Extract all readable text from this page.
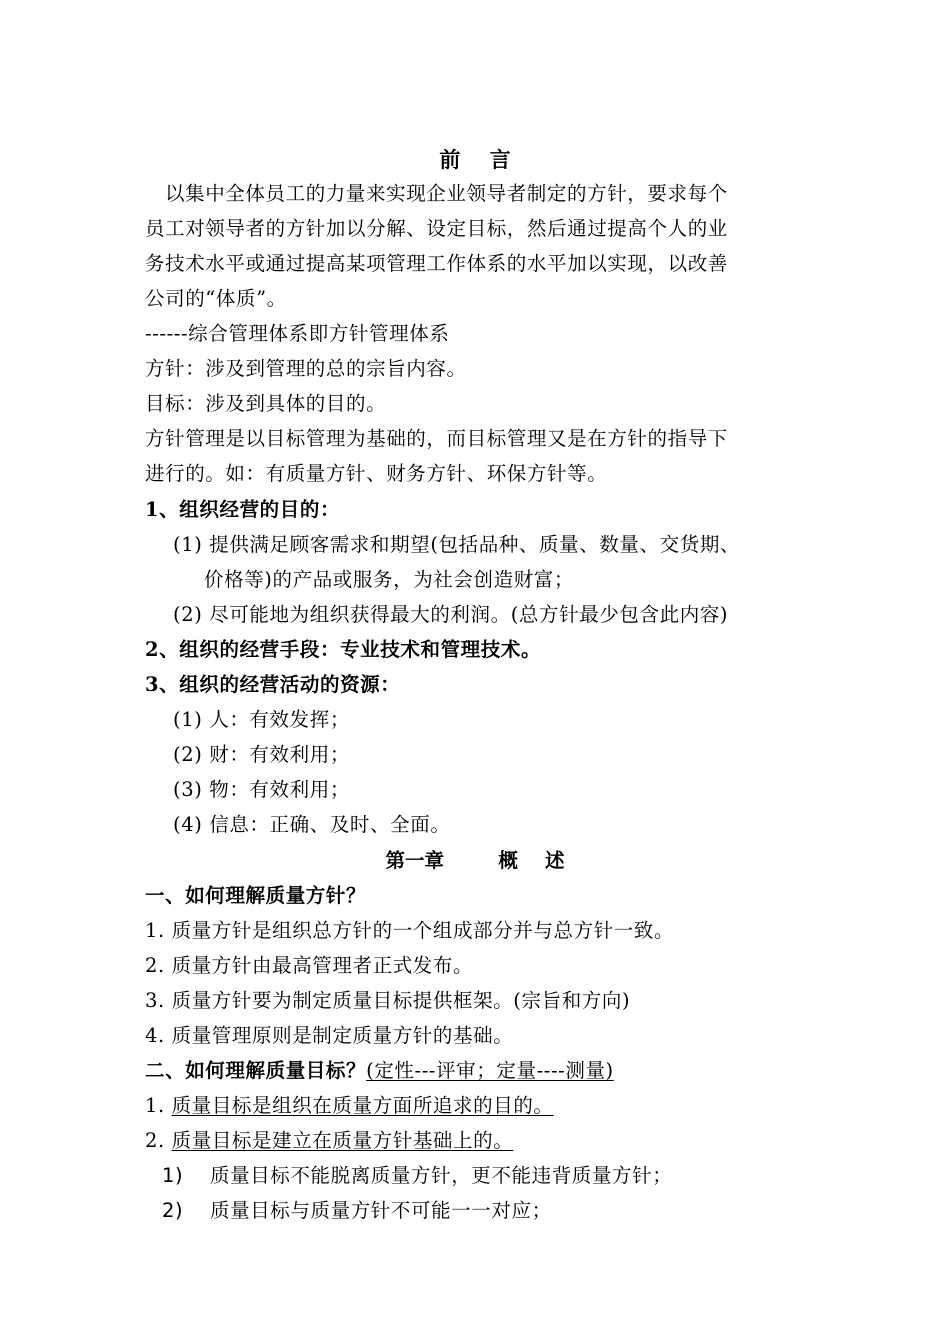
前    言
以集中全体员工的力量来实现企业领导者制定的方针，要求每个
员工对领导者的方针加以分解、设定目标，然后通过提高个人的业
务技术水平或通过提高某项管理工作体系的水平加以实现，以改善
公司的“体质”。
------综合管理体系即方针管理体系
方针：涉及到管理的总的宗旨内容。
目标：涉及到具体的目的。
方针管理是以目标管理为基础的，而目标管理又是在方针的指导下
进行的。如：有质量方针、财务方针、环保方针等。
1、组织经营的目的：
(1) 提供满足顾客需求和期望(包括品种、质量、数量、交货期、
价格等)的产品或服务，为社会创造财富；
(2) 尽可能地为组织获得最大的利润。(总方针最少包含此内容)
2、组织的经营手段：专业技术和管理技术。
3、组织的经营活动的资源：
(1) 人：有效发挥；
(2) 财：有效利用；
(3) 物：有效利用；
(4) 信息：正确、及时、全面。
第一章        概    述
一、如何理解质量方针？
1. 质量方针是组织总方针的一个组成部分并与总方针一致。
2. 质量方针由最高管理者正式发布。
3. 质量方针要为制定质量目标提供框架。(宗旨和方向)
4. 质量管理原则是制定质量方针的基础。
二、如何理解质量目标？(定性---评审；定量----测量)
1. 质量目标是组织在质量方面所追求的目的。
2. 质量目标是建立在质量方针基础上的。
1) 质量目标不能脱离质量方针，更不能违背质量方针；
2) 质量目标与质量方针不可能一一对应；
